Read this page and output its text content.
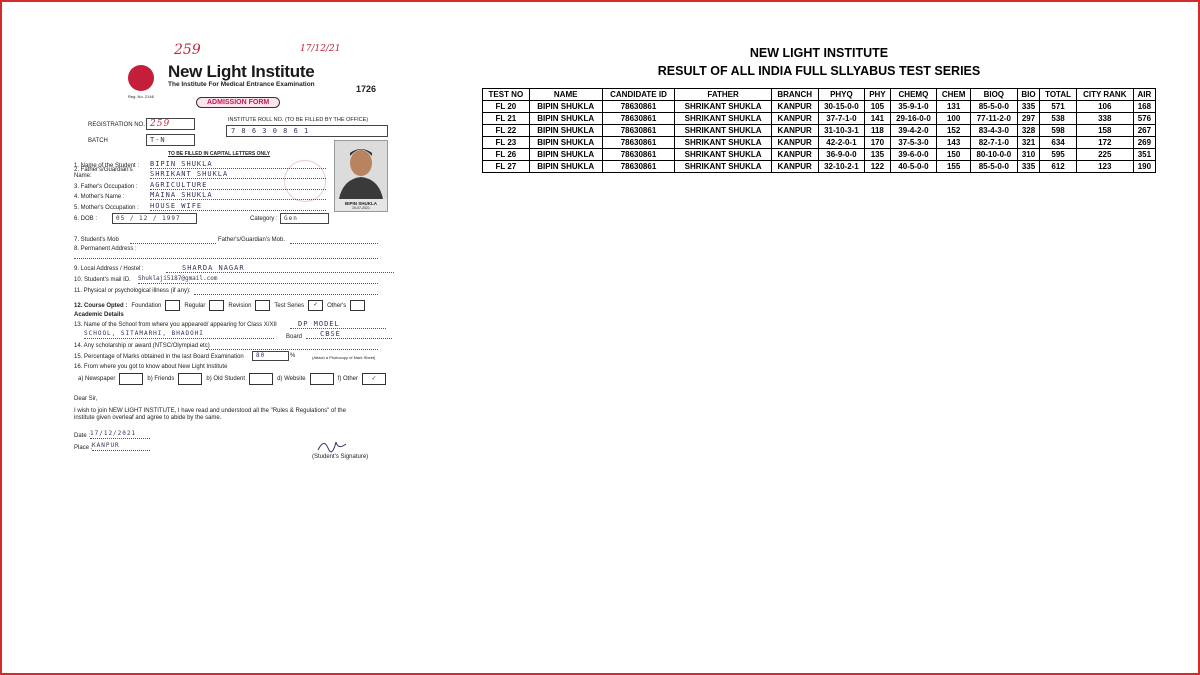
259	17/12/21
Reg. No. 2146
New Light Institute
The Institute For Medical Entrance Examination	1726
ADMISSION FORM
INSTITUTE ROLL NO. (TO BE FILLED BY THE OFFICE)
7 8 6 3 0 8 6 1
REGISTRATION NO. 259
BATCH	T-N
TO BE FILLED IN CAPITAL LETTERS ONLY
BIPIN SHUKLA
19-07-2021
1. Name of the Student :	BIPIN SHUKLA
2. Father's/Guardian's Name:	SHRIKANT SHUKLA
3. Father's Occupation :	AGRICULTURE
4. Mother's Name :	MAINA SHUKLA
5. Mother's Occupation :	HOUSE WIFE
6. DOB :	05 / 12 / 1997	Category :	Gen
7. Student's Mob	Father's/Guardian's Mob.
8. Permanent Address :
9. Local Address / Hostel :	SHARDA NAGAR
10. Student's mail ID. Shuklaji5187@gmail.com
11. Physical or psychological illness (if any):
12. Course Opted : Foundation	Regular	Revision	Test Series	✓	Other's
Academic Details
13. Name of the School from where you appeared/ appearing for Class X/XII	DP MODEL
SCHOOL, SITAMARHI, BHADOHI	Board	CBSE
14. Any scholarship or award (NTSC/Olympiad etc)
15. Percentage of Marks obtained in the last Board Examination	80	%	(Attach a Photocopy of Mark Sheet)
16. From where you got to know about New Light Institute
a) Newspaper	b) Friends	b) Old Student	d) Website	f) Other	✓
Dear Sir,
I wish to join NEW LIGHT INSTITUTE, I have read and understood all the "Rules & Regulations" of the institute given overleaf and agree to abide by the same.
Date : 17/12/2021
Place : KANPUR
(Student's Signature)
NEW LIGHT INSTITUTE
RESULT OF ALL INDIA FULL SLLYABUS TEST SERIES
TEST NO	NAME	CANDIDATE ID	FATHER	BRANCH	PHYQ	PHY	CHEMQ	CHEM	BIOQ	BIO	TOTAL	CITY RANK	AIR
FL 20	BIPIN SHUKLA	78630861	SHRIKANT SHUKLA	KANPUR	30-15-0-0	105	35-9-1-0	131	85-5-0-0	335	571	106	168
FL 21	BIPIN SHUKLA	78630861	SHRIKANT SHUKLA	KANPUR	37-7-1-0	141	29-16-0-0	100	77-11-2-0	297	538	338	576
FL 22	BIPIN SHUKLA	78630861	SHRIKANT SHUKLA	KANPUR	31-10-3-1	118	39-4-2-0	152	83-4-3-0	328	598	158	267
FL 23	BIPIN SHUKLA	78630861	SHRIKANT SHUKLA	KANPUR	42-2-0-1	170	37-5-3-0	143	82-7-1-0	321	634	172	269
FL 26	BIPIN SHUKLA	78630861	SHRIKANT SHUKLA	KANPUR	36-9-0-0	135	39-6-0-0	150	80-10-0-0	310	595	225	351
FL 27	BIPIN SHUKLA	78630861	SHRIKANT SHUKLA	KANPUR	32-10-2-1	122	40-5-0-0	155	85-5-0-0	335	612	123	190
